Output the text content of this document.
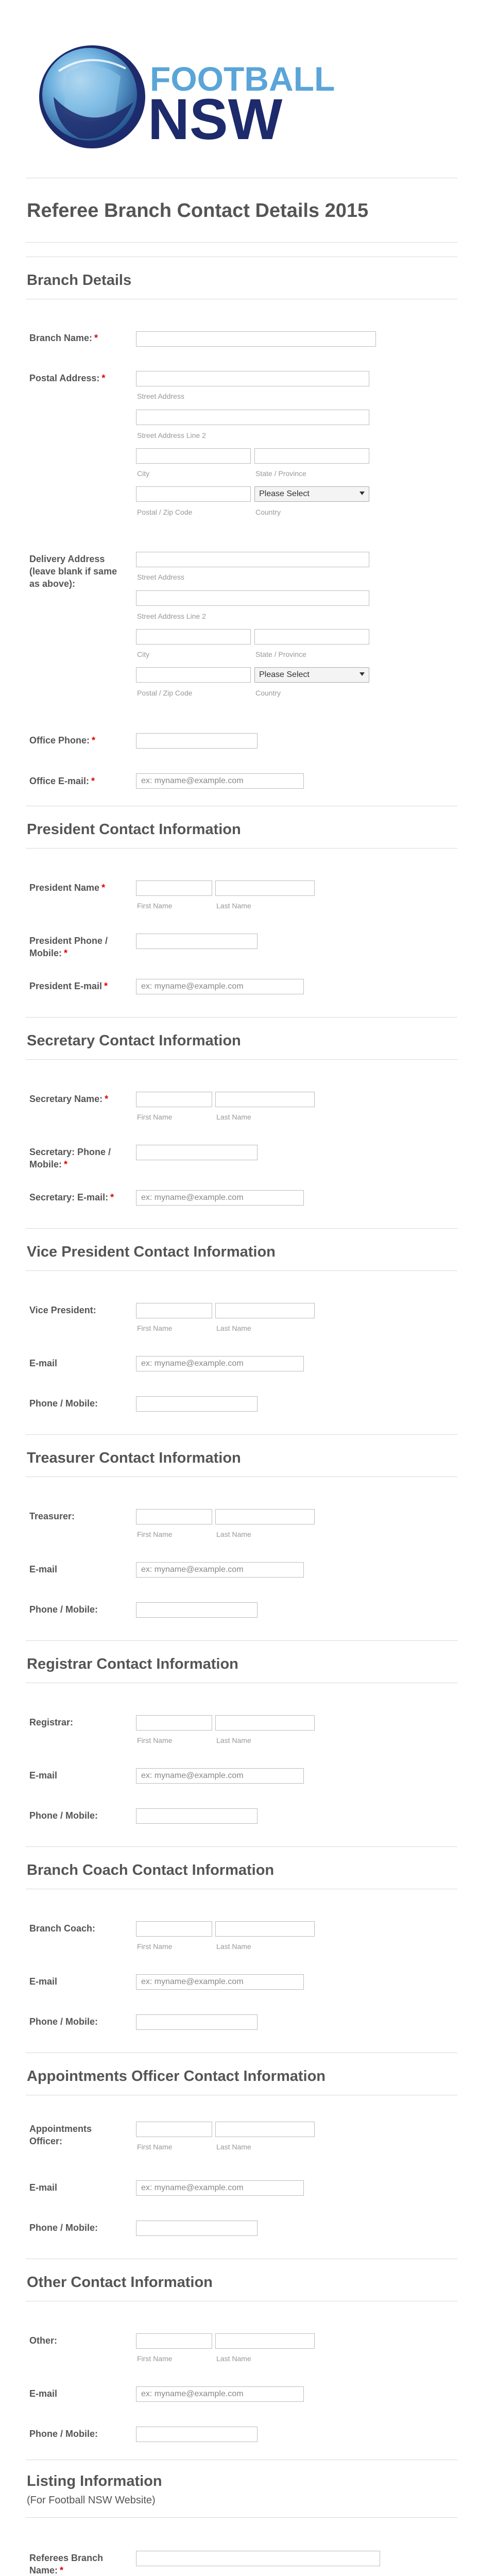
FOOTBALL
NSW
Referee Branch Contact Details 2015
Branch Details
Branch Name: *
Postal Address: *
Street Address
Street Address Line 2
City	State / Province
Postal / Zip Code
Please Select
Country
Delivery Address (leave blank if same as above):
Street Address
Street Address Line 2
City	State / Province
Postal / Zip Code
Please Select
Country
Office Phone: *
Office E-mail: *	ex: myname@example.com
President Contact Information
President Name *
First Name	Last Name
President Phone / Mobile: *
President E-mail *	ex: myname@example.com
Secretary Contact Information
Secretary Name: *
First Name	Last Name
Secretary: Phone / Mobile: *
Secretary: E-mail: *	ex: myname@example.com
Vice President Contact Information
Vice President:
First Name	Last Name
E-mail	ex: myname@example.com
Phone / Mobile:
Treasurer Contact Information
Treasurer:
First Name	Last Name
E-mail	ex: myname@example.com
Phone / Mobile:
Registrar Contact Information
Registrar:
First Name	Last Name
E-mail	ex: myname@example.com
Phone / Mobile:
Branch Coach Contact Information
Branch Coach:
First Name	Last Name
E-mail	ex: myname@example.com
Phone / Mobile:
Appointments Officer Contact Information
Appointments Officer:
First Name	Last Name
E-mail	ex: myname@example.com
Phone / Mobile:
Other Contact Information
Other:
First Name	Last Name
E-mail	ex: myname@example.com
Phone / Mobile:
Listing Information
(For Football NSW Website)
Referees Branch Name: *
